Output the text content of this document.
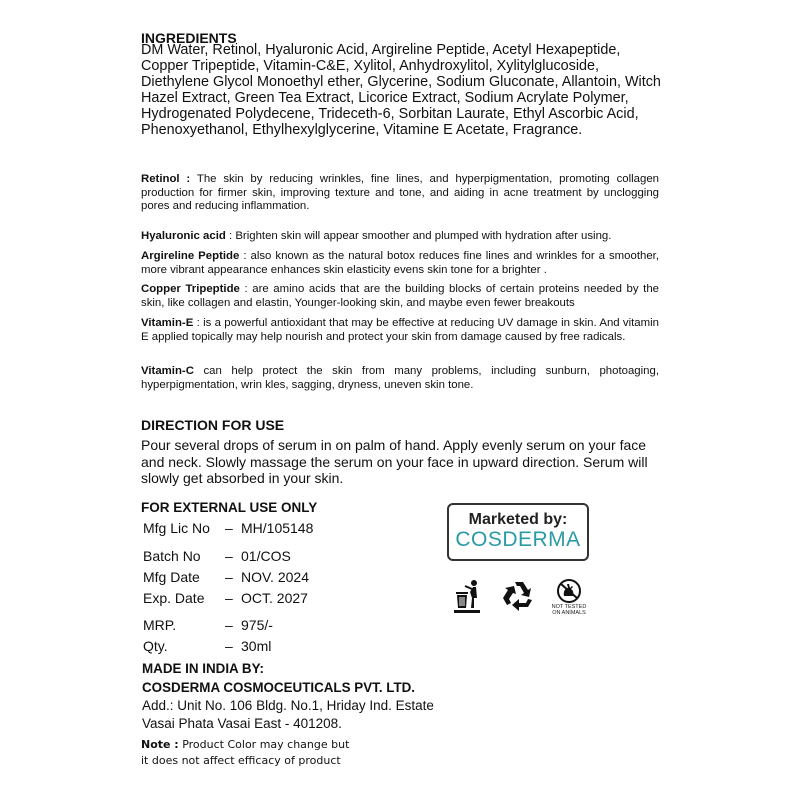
INGREDIENTS
DM Water, Retinol, Hyaluronic Acid, Argireline Peptide, Acetyl Hexapeptide, Copper Tripeptide, Vitamin-C&E, Xylitol, Anhydroxylitol, Xylitylglucoside, Diethylene Glycol Monoethyl ether, Glycerine, Sodium Gluconate, Allantoin, Witch Hazel Extract, Green Tea Extract, Licorice Extract, Sodium Acrylate Polymer, Hydrogenated Polydecene, Trideceth-6, Sorbitan Laurate, Ethyl Ascorbic Acid, Phenoxyethanol, Ethylhexylglycerine, Vitamine E Acetate, Fragrance.
Retinol : The skin by reducing wrinkles, fine lines, and hyperpigmentation, promoting collagen production for firmer skin, improving texture and tone, and aiding in acne treatment by unclogging pores and reducing inflammation.
Hyaluronic acid : Brighten skin will appear smoother and plumped with hydration after using.
Argireline Peptide : also known as the natural botox reduces fine lines and wrinkles for a smoother, more vibrant appearance enhances skin elasticity evens skin tone for a brighter .
Copper Tripeptide : are amino acids that are the building blocks of certain proteins needed by the skin, like collagen and elastin, Younger-looking skin, and maybe even fewer breakouts
Vitamin-E : is a powerful antioxidant that may be effective at reducing UV damage in skin. And vitamin E applied topically may help nourish and protect your skin from damage caused by free radicals.
Vitamin-C can help protect the skin from many problems, including sunburn, photoaging, hyperpigmentation, wrin kles, sagging, dryness, uneven skin tone.
DIRECTION FOR USE
Pour several drops of serum in on palm of hand. Apply evenly serum on your face and neck. Slowly massage the serum on your face in upward direction. Serum will slowly get absorbed in your skin.
FOR EXTERNAL USE ONLY
Mfg Lic No – MH/105148
Batch No – 01/COS
Mfg Date – NOV. 2024
Exp. Date – OCT. 2027
MRP.	– 975/-
Qty.	– 30ml
MADE IN INDIA BY:
COSDERMA COSMOCEUTICALS PVT. LTD.
Add.: Unit No. 106 Bldg. No.1, Hriday Ind. Estate
Vasai Phata Vasai East - 401208.
Note : Product Color may change but
it does not affect efficacy of product
Marketed by:
COSDERMA
NOT TESTED
ON ANIMALS
